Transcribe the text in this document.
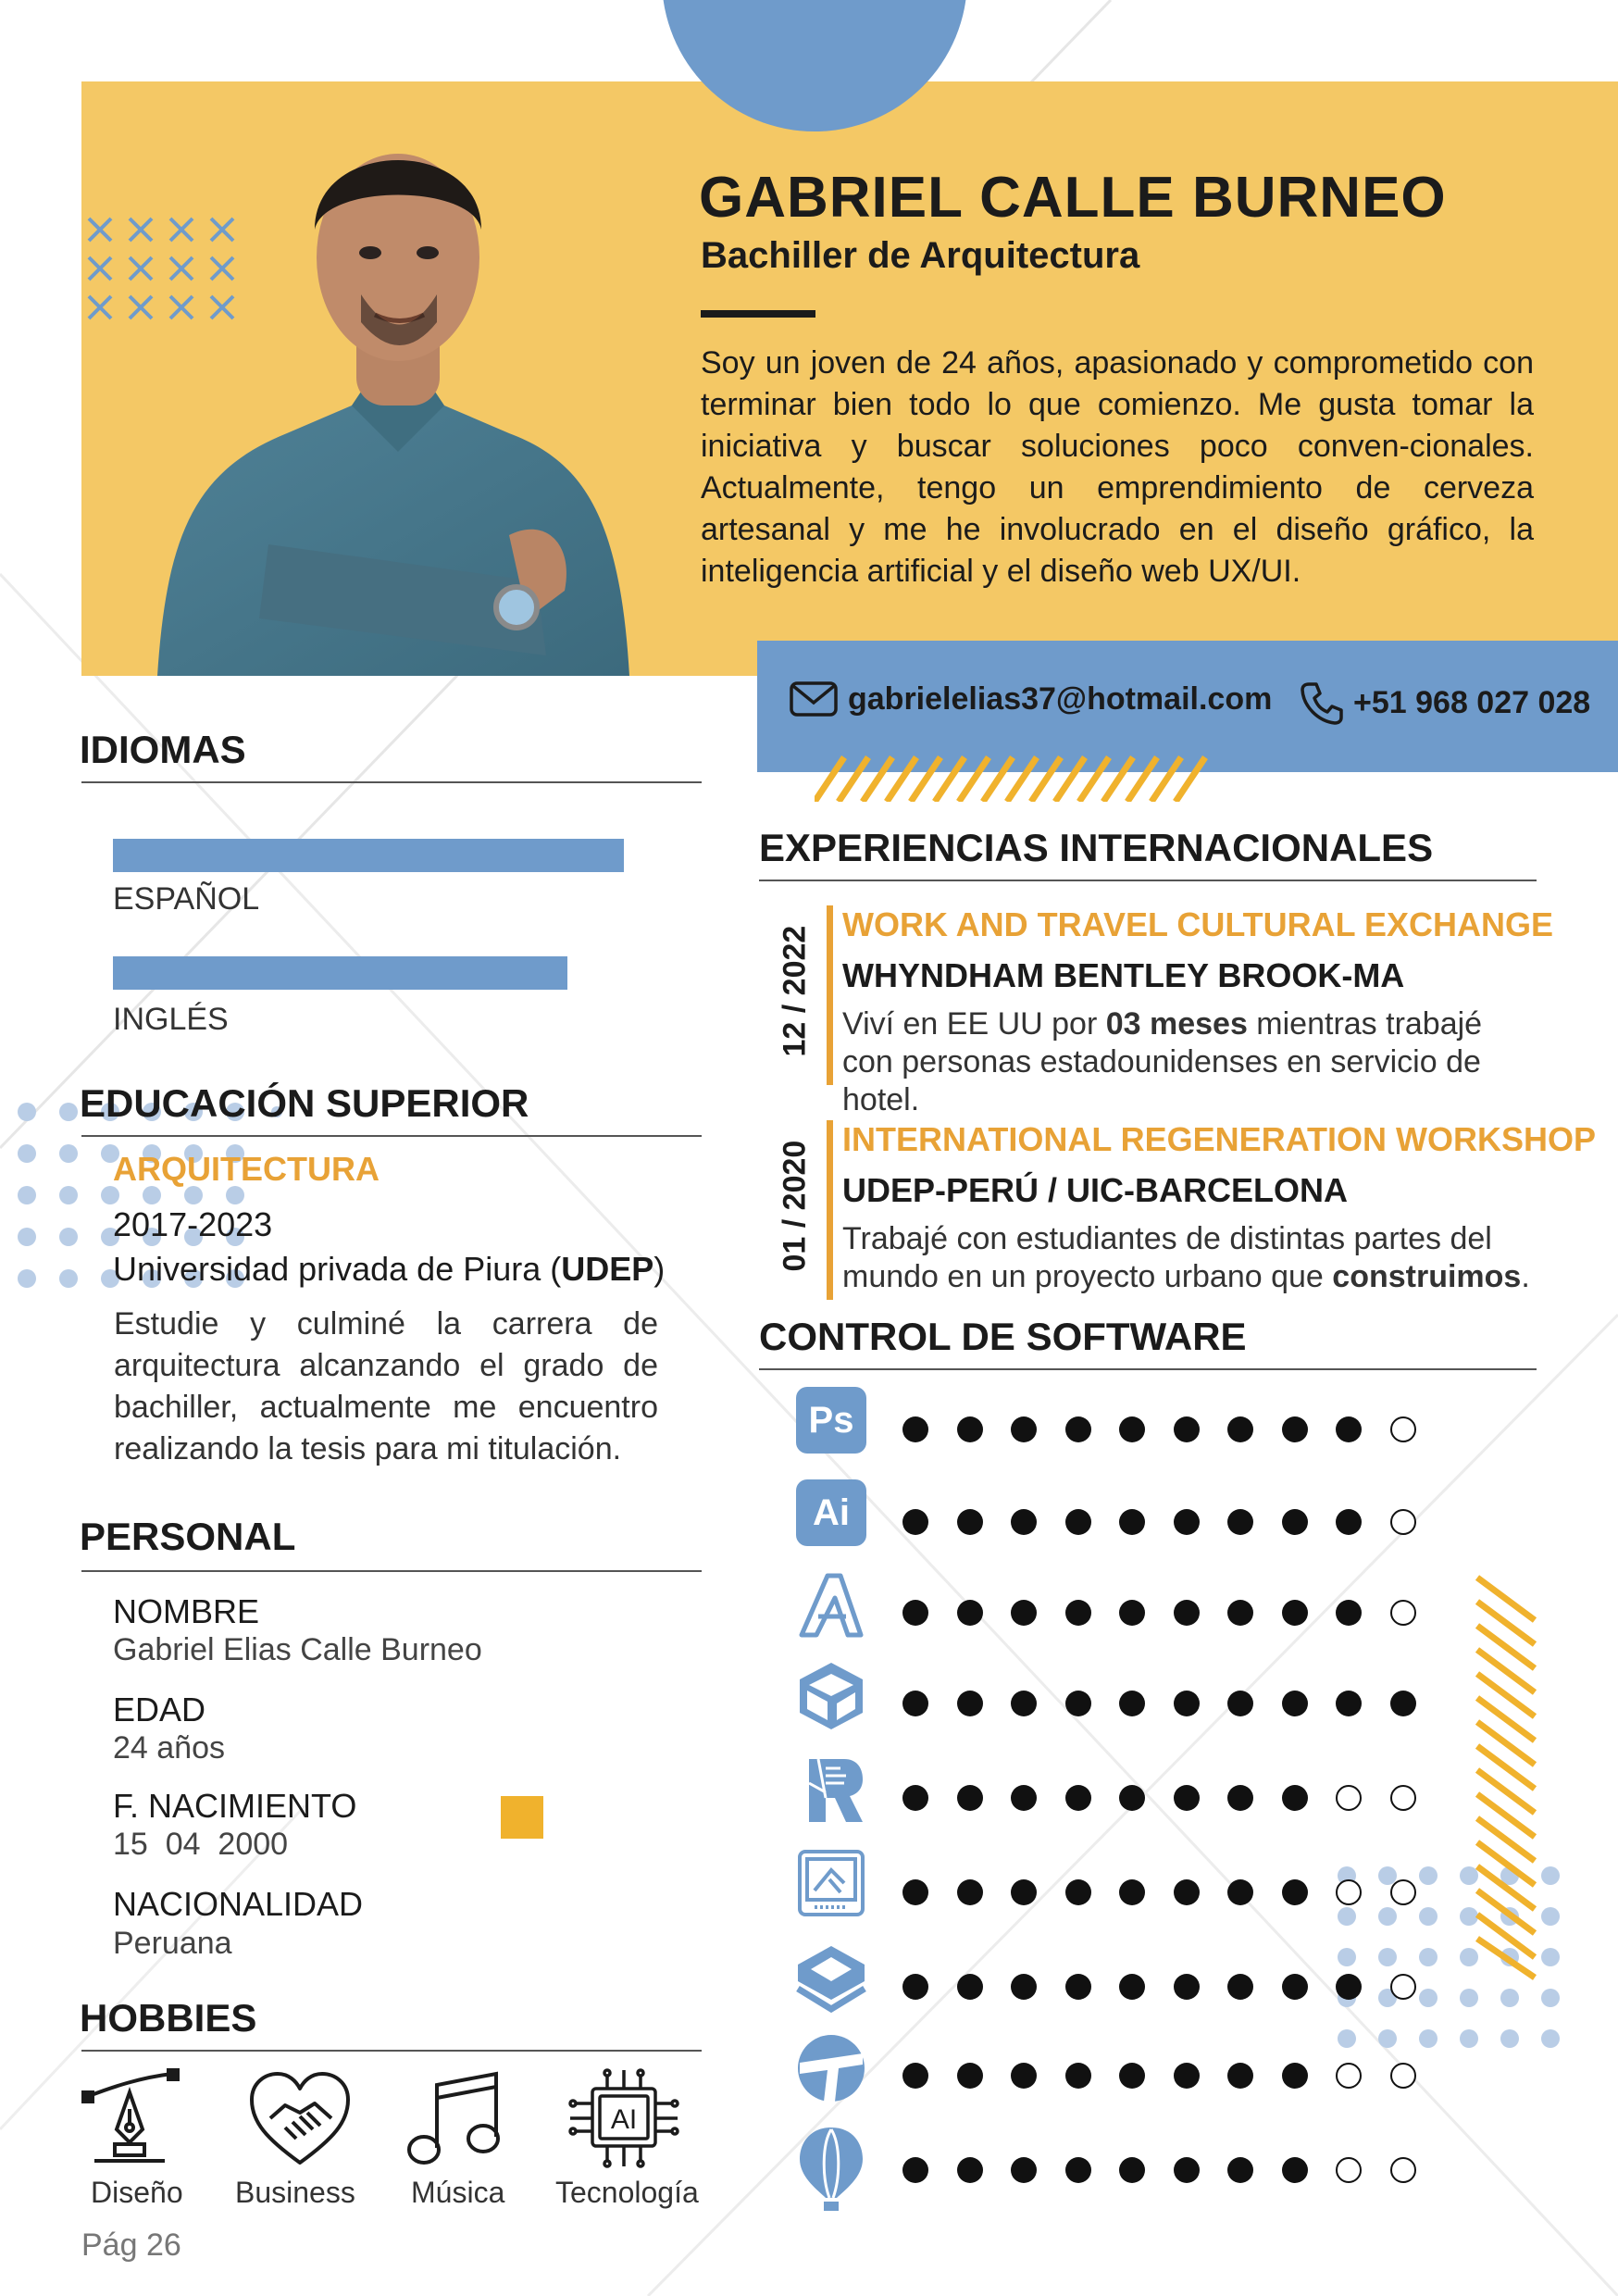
GABRIEL CALLE BURNEO
Bachiller de Arquitectura
Soy un joven de 24 años, apasionado y comprometido con terminar bien todo lo que comienzo. Me gusta tomar la iniciativa y buscar soluciones poco conven-cionales. Actualmente, tengo un emprendimiento de cerveza artesanal y me he involucrado en el diseño gráfico, la inteligencia artificial y el diseño web UX/UI.
gabrielelias37@hotmail.com	+51 968 027 028
IDIOMAS
ESPAÑOL
INGLÉS
EDUCACIÓN SUPERIOR
ARQUITECTURA
2017-2023
Universidad privada de Piura (UDEP)
Estudie y culminé la carrera de arquitectura alcanzando el grado de bachiller, actualmente me encuentro realizando la tesis para mi titulación.
PERSONAL
NOMBRE
Gabriel Elias Calle Burneo
EDAD
24 años
F. NACIMIENTO
15  04  2000
NACIONALIDAD
Peruana
HOBBIES
AI
Diseño Business Música Tecnología
Pág 26
EXPERIENCIAS INTERNACIONALES
12 / 2022
WORK AND TRAVEL CULTURAL EXCHANGE
WHYNDHAM BENTLEY BROOK-MA
Viví en EE UU por 03 meses mientras trabajé con personas estadounidenses en servicio de hotel.
01 / 2020
INTERNATIONAL REGENERATION WORKSHOP
UDEP-PERÚ / UIC-BARCELONA
Trabajé con estudiantes de distintas partes del mundo en un proyecto urbano que construimos.
CONTROL DE SOFTWARE
Ps
Ai
